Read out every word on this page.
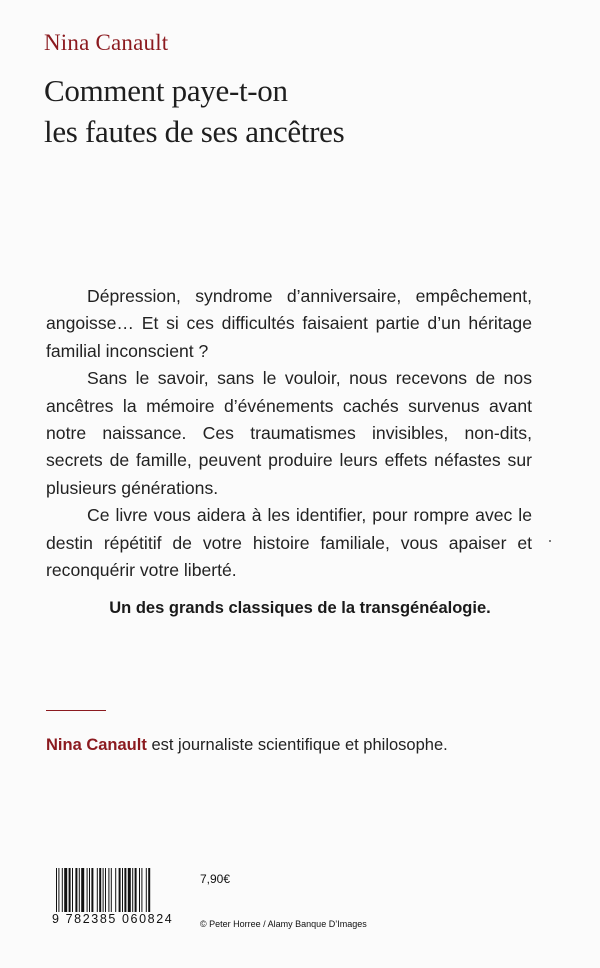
Nina Canault
Comment paye-t-on
les fautes de ses ancêtres

Dépression, syndrome d’anniversaire, empêchement, angoisse… Et si ces difficultés faisaient partie d’un héritage familial inconscient ?

Sans le savoir, sans le vouloir, nous recevons de nos ancêtres la mémoire d’événements cachés survenus avant notre naissance. Ces traumatismes invisibles, non-dits, secrets de famille, peuvent produire leurs effets néfastes sur plusieurs générations.

Ce livre vous aidera à les identifier, pour rompre avec le destin répétitif de votre histoire familiale, vous apaiser et reconquérir votre liberté.

Un des grands classiques de la transgénéalogie.
Nina Canault est journaliste scientifique et philosophe.
9 782385 060824
7,90€
© Peter Horree / Alamy Banque D’Images
